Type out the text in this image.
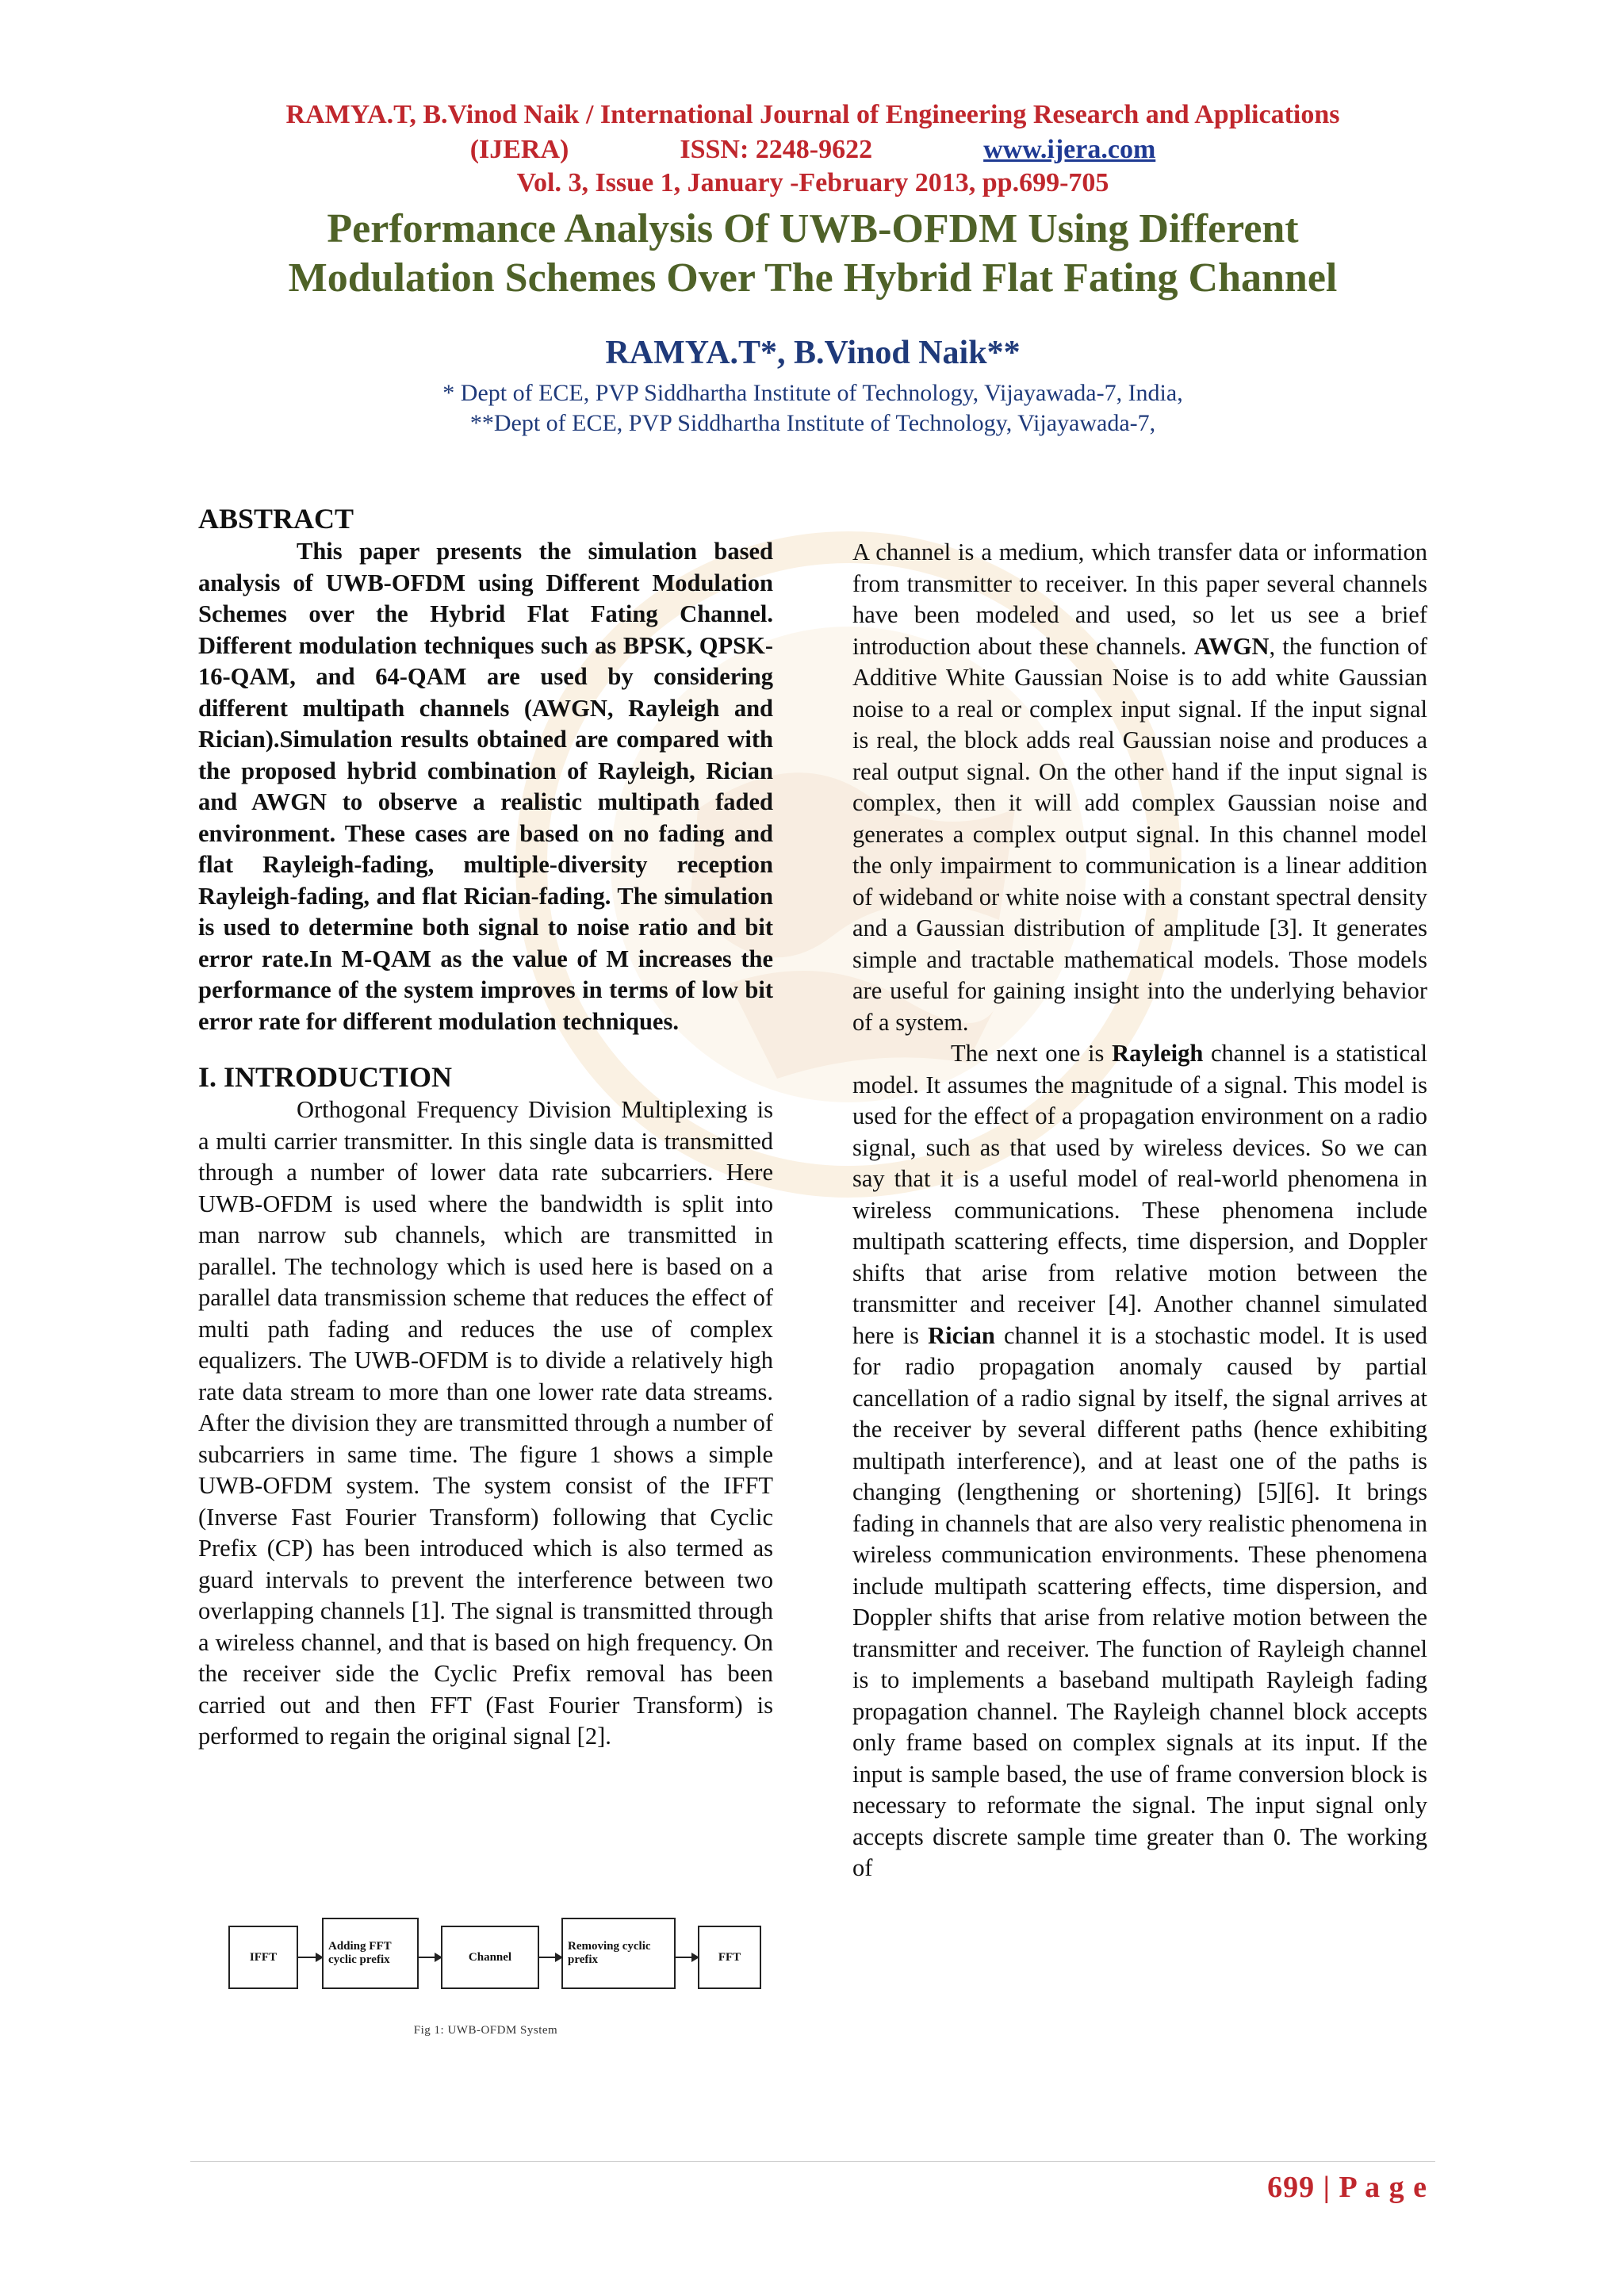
RAMYA.T, B.Vinod Naik / International Journal of Engineering Research and Applications
(IJERA)	ISSN: 2248-9622	www.ijera.com
Vol. 3, Issue 1, January -February 2013, pp.699-705
Performance Analysis Of UWB-OFDM Using Different
Modulation Schemes Over The Hybrid Flat Fating Channel
RAMYA.T*, B.Vinod Naik**
* Dept of ECE, PVP Siddhartha Institute of Technology, Vijayawada-7, India,
**Dept of ECE, PVP Siddhartha Institute of Technology, Vijayawada-7,
ABSTRACT

This paper presents the simulation based analysis of UWB-OFDM using Different Modulation Schemes over the Hybrid Flat Fating Channel. Different modulation techniques such as BPSK, QPSK-16-QAM, and 64-QAM are used by considering different multipath channels (AWGN, Rayleigh and Rician).Simulation results obtained are compared with the proposed hybrid combination of Rayleigh, Rician and AWGN to observe a realistic multipath faded environment. These cases are based on no fading and flat Rayleigh-fading, multiple-diversity reception Rayleigh-fading, and flat Rician-fading. The simulation is used to determine both signal to noise ratio and bit error rate.In M-QAM as the value of M increases the performance of the system improves in terms of low bit error rate for different modulation techniques.

I. INTRODUCTION

Orthogonal Frequency Division Multiplexing is a multi carrier transmitter. In this single data is transmitted through a number of lower data rate subcarriers. Here UWB-OFDM is used where the bandwidth is split into man narrow sub channels, which are transmitted in parallel. The technology which is used here is based on a parallel data transmission scheme that reduces the effect of multi path fading and reduces the use of complex equalizers. The UWB-OFDM is to divide a relatively high rate data stream to more than one lower rate data streams. After the division they are transmitted through a number of subcarriers in same time. The figure 1 shows a simple UWB-OFDM system. The system consist of the IFFT (Inverse Fast Fourier Transform) following that Cyclic Prefix (CP) has been introduced which is also termed as guard intervals to prevent the interference between two overlapping channels [1]. The signal is transmitted through a wireless channel, and that is based on high frequency. On the receiver side the Cyclic Prefix removal has been carried out and then FFT (Fast Fourier Transform) is performed to regain the original signal [2].

IFFT
Adding FFT cyclic prefix	Channel
Removing cyclic prefix	FFT
Fig 1: UWB-OFDM System

A channel is a medium, which transfer data or information from transmitter to receiver. In this paper several channels have been modeled and used, so let us see a brief introduction about these channels. AWGN, the function of Additive White Gaussian Noise is to add white Gaussian noise to a real or complex input signal. If the input signal is real, the block adds real Gaussian noise and produces a real output signal. On the other hand if the input signal is complex, then it will add complex Gaussian noise and generates a complex output signal. In this channel model the only impairment to communication is a linear addition of wideband or white noise with a constant spectral density and a Gaussian distribution of amplitude [3]. It generates simple and tractable mathematical models. Those models are useful for gaining insight into the underlying behavior of a system.

The next one is Rayleigh channel is a statistical model. It assumes the magnitude of a signal. This model is used for the effect of a propagation environment on a radio signal, such as that used by wireless devices. So we can say that it is a useful model of real-world phenomena in wireless communications. These phenomena include multipath scattering effects, time dispersion, and Doppler shifts that arise from relative motion between the transmitter and receiver [4]. Another channel simulated here is Rician channel it is a stochastic model. It is used for radio propagation anomaly caused by partial cancellation of a radio signal by itself, the signal arrives at the receiver by several different paths (hence exhibiting multipath interference), and at least one of the paths is changing (lengthening or shortening) [5][6]. It brings fading in channels that are also very realistic phenomena in wireless communication environments. These phenomena include multipath scattering effects, time dispersion, and Doppler shifts that arise from relative motion between the transmitter and receiver. The function of Rayleigh channel is to implements a baseband multipath Rayleigh fading propagation channel. The Rayleigh channel block accepts only frame based on complex signals at its input. If the input is sample based, the use of frame conversion block is necessary to reformate the signal. The input signal only accepts discrete sample time greater than 0. The working of

699 | P a g e
